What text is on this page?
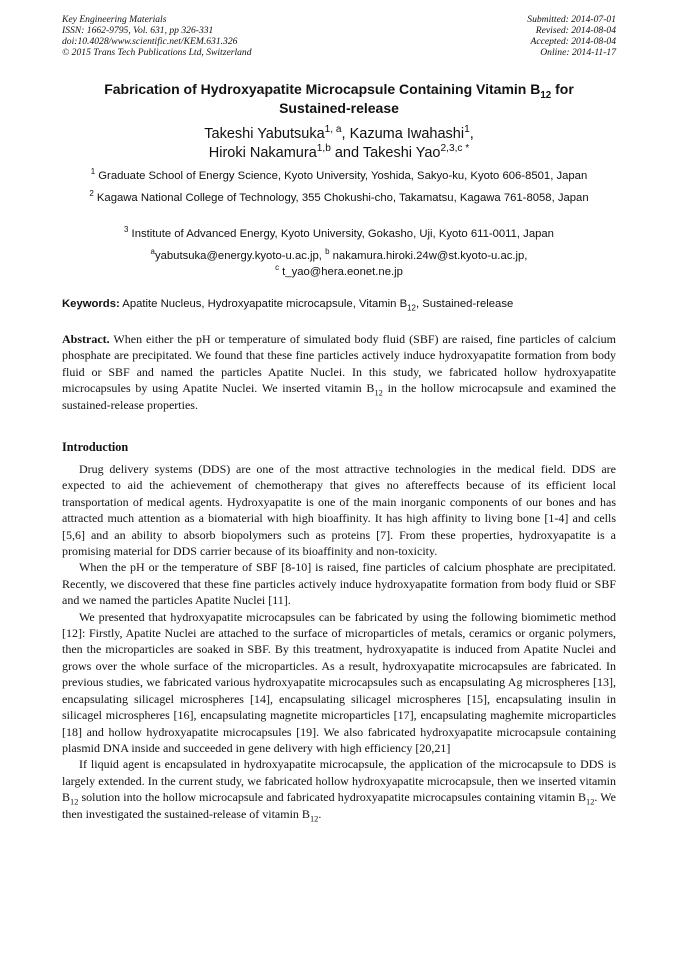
Key Engineering Materials
ISSN: 1662-9795, Vol. 631, pp 326-331
doi:10.4028/www.scientific.net/KEM.631.326
© 2015 Trans Tech Publications Ltd, Switzerland
Submitted: 2014-07-01
Revised: 2014-08-04
Accepted: 2014-08-04
Online: 2014-11-17
Fabrication of Hydroxyapatite Microcapsule Containing Vitamin $B_{12}$ for
Sustained-release
Takeshi Yabutsuka$^{1, a}$, Kazuma Iwahashi$^1$,
Hiroki Nakamura$^{1,b}$ and Takeshi Yao$^{2,3,c *}$
$^1$ Graduate School of Energy Science, Kyoto University, Yoshida, Sakyo-ku, Kyoto 606-8501, Japan
$^2$ Kagawa National College of Technology, 355 Chokushi-cho, Takamatsu, Kagawa 761-8058, Japan
$^3$ Institute of Advanced Energy, Kyoto University, Gokasho, Uji, Kyoto 611-0011, Japan
$^a$yabutsuka@energy.kyoto-u.ac.jp, $^b$ nakamura.hiroki.24w@st.kyoto-u.ac.jp,
$^c$ t_yao@hera.eonet.ne.jp
Keywords: Apatite Nucleus, Hydroxyapatite microcapsule, Vitamin $B_{12}$, Sustained-release

Abstract. When either the pH or temperature of simulated body fluid (SBF) are raised, fine particles of calcium phosphate are precipitated. We found that these fine particles actively induce hydroxyapatite formation from body fluid or SBF and named the particles Apatite Nuclei. In this study, we fabricated hollow hydroxyapatite microcapsules by using Apatite Nuclei. We inserted vitamin $B_{12}$ in the hollow microcapsule and examined the sustained-release properties.

Introduction

Drug delivery systems (DDS) are one of the most attractive technologies in the medical field. DDS are expected to aid the achievement of chemotherapy that gives no aftereffects because of its efficient local transportation of medical agents. Hydroxyapatite is one of the main inorganic components of our bones and has attracted much attention as a biomaterial with high bioaffinity. It has high affinity to living bone [1-4] and cells [5,6] and an ability to absorb biopolymers such as proteins [7]. From these properties, hydroxyapatite is a promising material for DDS carrier because of its bioaffinity and non-toxicity.

When the pH or the temperature of SBF [8-10] is raised, fine particles of calcium phosphate are precipitated. Recently, we discovered that these fine particles actively induce hydroxyapatite formation from body fluid or SBF and we named the particles Apatite Nuclei [11].

We presented that hydroxyapatite microcapsules can be fabricated by using the following biomimetic method [12]: Firstly, Apatite Nuclei are attached to the surface of microparticles of metals, ceramics or organic polymers, then the microparticles are soaked in SBF. By this treatment, hydroxyapatite is induced from Apatite Nuclei and grows over the whole surface of the microparticles. As a result, hydroxyapatite microcapsules are fabricated. In previous studies, we fabricated various hydroxyapatite microcapsules such as encapsulating Ag microspheres [13], encapsulating silicagel microspheres [14], encapsulating silicagel microspheres [15], encapsulating insulin in silicagel microspheres [16], encapsulating magnetite microparticles [17], encapsulating maghemite microparticles [18] and hollow hydroxyapatite microcapsules [19]. We also fabricated hydroxyapatite microcapsule containing plasmid DNA inside and succeeded in gene delivery with high efficiency [20,21]

If liquid agent is encapsulated in hydroxyapatite microcapsule, the application of the microcapsule to DDS is largely extended. In the current study, we fabricated hollow hydroxyapatite microcapsule, then we inserted vitamin $B_{12}$ solution into the hollow microcapsule and fabricated hydroxyapatite microcapsules containing vitamin $B_{12}$. We then investigated the sustained-release of vitamin $B_{12}$.
